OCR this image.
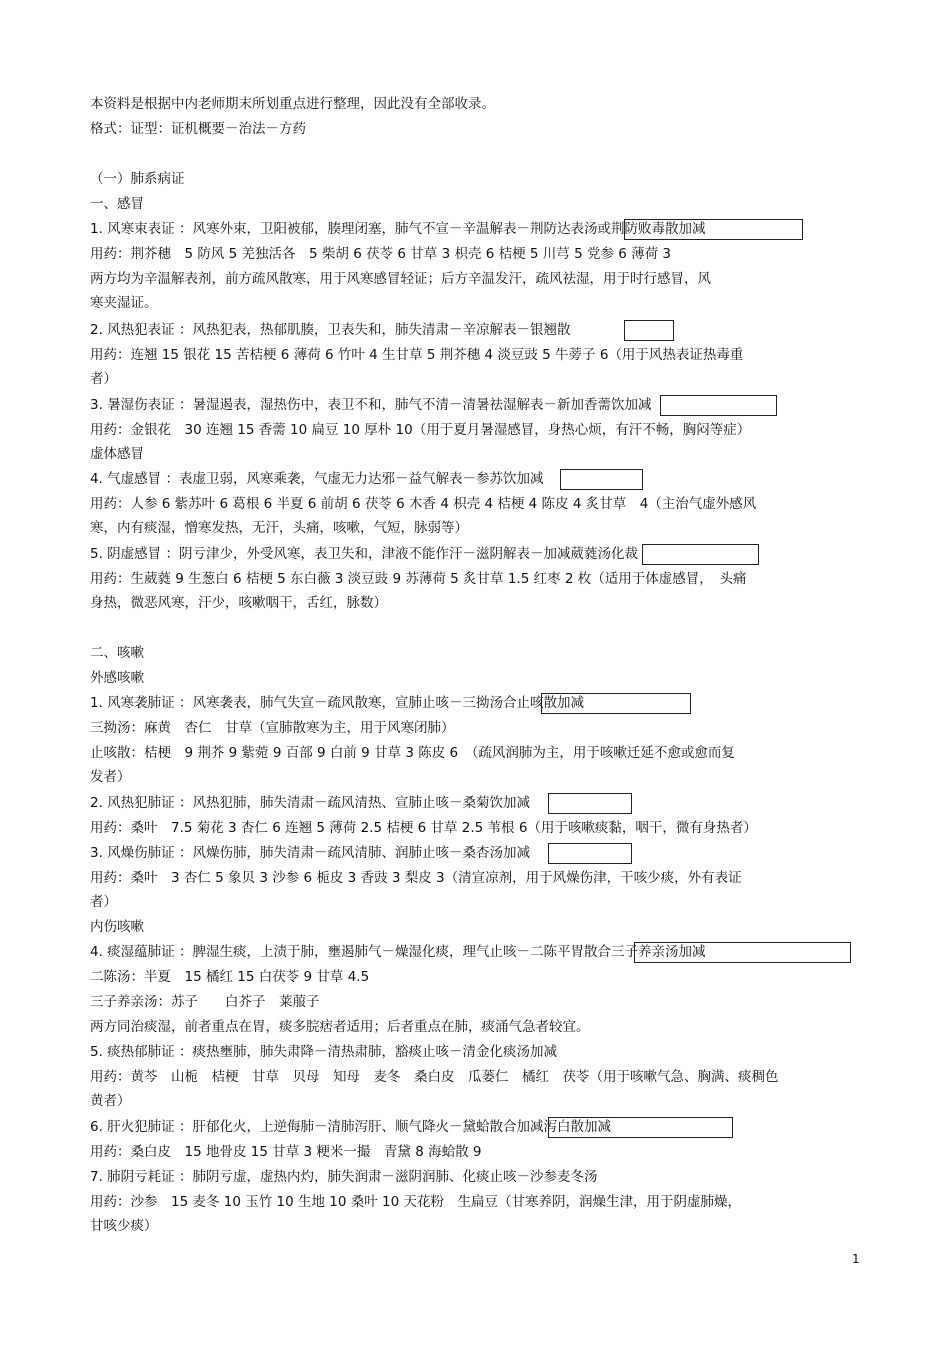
本资料是根据中内老师期末所划重点进行整理，因此没有全部收录。
格式：证型：证机概要－治法－方药
（一）肺系病证
一、感冒
1. 风寒束表证 ：风寒外束，卫阳被郁，腠理闭塞，肺气不宣－辛温解表－荆防达表汤或荆防败毒散加减
用药：荆芥穗　5 防风 5 羌独活各　5 柴胡 6 茯苓 6 甘草 3 枳壳 6 桔梗 5 川芎 5 党参 6 薄荷 3
两方均为辛温解表剂，前方疏风散寒，用于风寒感冒轻证；后方辛温发汗，疏风祛湿，用于时行感冒，风
寒夹湿证。
2. 风热犯表证 ：风热犯表，热郁肌腠，卫表失和，肺失清肃－辛凉解表－银翘散
用药：连翘 15 银花 15 苦桔梗 6 薄荷 6 竹叶 4 生甘草 5 荆芥穗 4 淡豆豉 5 牛蒡子 6（用于风热表证热毒重
者）
3. 暑湿伤表证 ：暑湿遏表，湿热伤中，表卫不和，肺气不清－清暑祛湿解表－新加香薷饮加减
用药：金银花　30 连翘 15 香薷 10 扁豆 10 厚朴 10（用于夏月暑湿感冒，身热心烦，有汗不畅，胸闷等症）
虚体感冒
4. 气虚感冒 ：表虚卫弱，风寒乘袭，气虚无力达邪－益气解表－参苏饮加减
用药：人参 6 紫苏叶 6 葛根 6 半夏 6 前胡 6 茯苓 6 木香 4 枳壳 4 桔梗 4 陈皮 4 炙甘草　4（主治气虚外感风
寒，内有痰湿，憎寒发热，无汗，头痛，咳嗽，气短，脉弱等）
5. 阴虚感冒 ：阴亏津少，外受风寒，表卫失和，津液不能作汗－滋阴解表－加减葳蕤汤化裁
用药：生葳蕤 9 生葱白 6 桔梗 5 东白薇 3 淡豆豉 9 苏薄荷 5 炙甘草 1.5 红枣 2 枚（适用于体虚感冒，　头痛
身热，微恶风寒，汗少，咳嗽咽干，舌红，脉数）
二、咳嗽
外感咳嗽
1. 风寒袭肺证 ：风寒袭表，肺气失宣－疏风散寒，宣肺止咳－三拗汤合止咳散加减
三拗汤：麻黄　杏仁　甘草（宣肺散寒为主，用于风寒闭肺）
止咳散：桔梗　9 荆芥 9 紫菀 9 百部 9 白前 9 甘草 3 陈皮 6　（疏风润肺为主，用于咳嗽迁延不愈或愈而复
发者）
2. 风热犯肺证 ：风热犯肺，肺失清肃－疏风清热、宣肺止咳－桑菊饮加减
用药：桑叶　7.5 菊花 3 杏仁 6 连翘 5 薄荷 2.5 桔梗 6 甘草 2.5 苇根 6（用于咳嗽痰黏，咽干，微有身热者）
3. 风燥伤肺证 ：风燥伤肺，肺失清肃－疏风清肺、润肺止咳－桑杏汤加减
用药：桑叶　3 杏仁 5 象贝 3 沙参 6 栀皮 3 香豉 3 梨皮 3（清宣凉剂，用于风燥伤津，干咳少痰，外有表证
者）
内伤咳嗽
4. 痰湿蕴肺证 ：脾湿生痰，上渍于肺，壅遏肺气－燥湿化痰，理气止咳－二陈平胃散合三子养亲汤加减
二陈汤：半夏　15 橘红 15 白茯苓 9 甘草 4.5
三子养亲汤：苏子　　白芥子　莱菔子
两方同治痰湿，前者重点在胃，痰多脘痞者适用；后者重点在肺，痰涌气急者较宜。
5. 痰热郁肺证 ：痰热壅肺，肺失肃降－清热肃肺，豁痰止咳－清金化痰汤加减
用药：黄芩　山栀　桔梗　甘草　贝母　知母　麦冬　桑白皮　瓜蒌仁　橘红　茯苓（用于咳嗽气急、胸满、痰稠色
黄者）
6. 肝火犯肺证 ：肝郁化火，上逆侮肺－清肺泻肝、顺气降火－黛蛤散合加减泻白散加减
用药：桑白皮　15 地骨皮 15 甘草 3 粳米一撮　青黛 8 海蛤散 9
7. 肺阴亏耗证 ：肺阴亏虚，虚热内灼，肺失润肃－滋阴润肺、化痰止咳－沙参麦冬汤
用药：沙参　15 麦冬 10 玉竹 10 生地 10 桑叶 10 天花粉　生扁豆（甘寒养阴，润燥生津，用于阴虚肺燥，
甘咳少痰）
1
